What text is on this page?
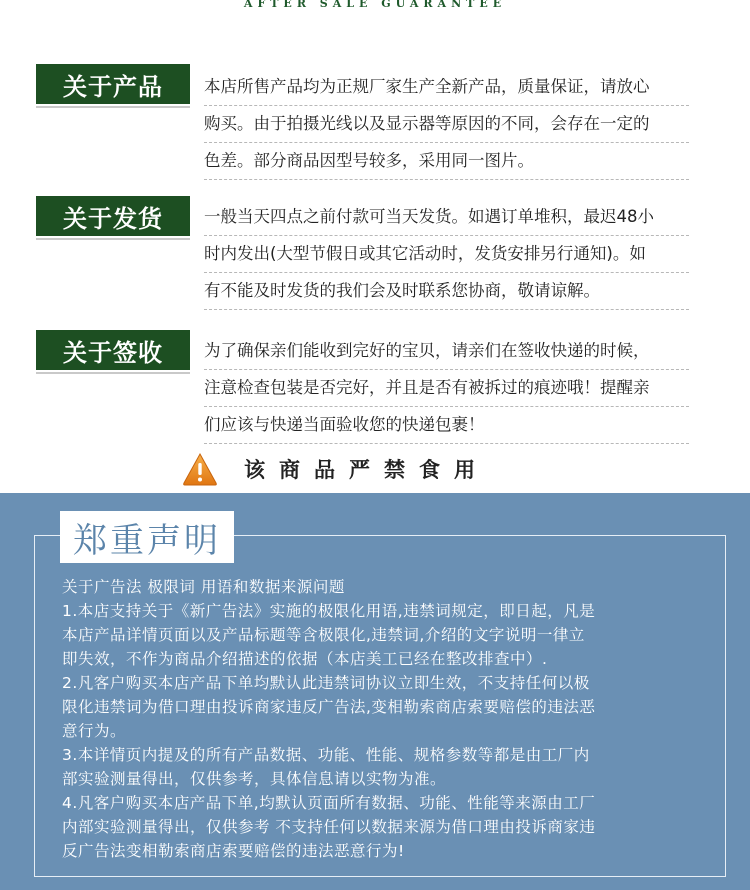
AFTER SALE GUARANTEE
关于产品	本店所售产品均为正规厂家生产全新产品，质量保证，请放心
购买。由于拍摄光线以及显示器等原因的不同，会存在一定的
色差。部分商品因型号较多，采用同一图片。
关于发货	一般当天四点之前付款可当天发货。如遇订单堆积，最迟48小
时内发出(大型节假日或其它活动时，发货安排另行通知)。如
有不能及时发货的我们会及时联系您协商，敬请谅解。
关于签收	为了确保亲们能收到完好的宝贝，请亲们在签收快递的时候，
注意检查包装是否完好，并且是否有被拆过的痕迹哦！提醒亲
们应该与快递当面验收您的快递包裹！
该商品严禁食用
郑重声明
关于广告法 极限词 用语和数据来源问题
1.本店支持关于《新广告法》实施的极限化用语,违禁词规定，即日起，凡是
本店产品详情页面以及产品标题等含极限化,违禁词,介绍的文字说明一律立
即失效，不作为商品介绍描述的依据（本店美工已经在整改排查中）.
2.凡客户购买本店产品下单均默认此违禁词协议立即生效，不支持任何以极
限化违禁词为借口理由投诉商家违反广告法,变相勒索商店索要赔偿的违法恶
意行为。
3.本详情页内提及的所有产品数据、功能、性能、规格参数等都是由工厂内
部实验测量得出，仅供参考，具体信息请以实物为准。
4.凡客户购买本店产品下单,均默认页面所有数据、功能、性能等来源由工厂
内部实验测量得出，仅供参考 不支持任何以数据来源为借口理由投诉商家违
反广告法变相勒索商店索要赔偿的违法恶意行为!
